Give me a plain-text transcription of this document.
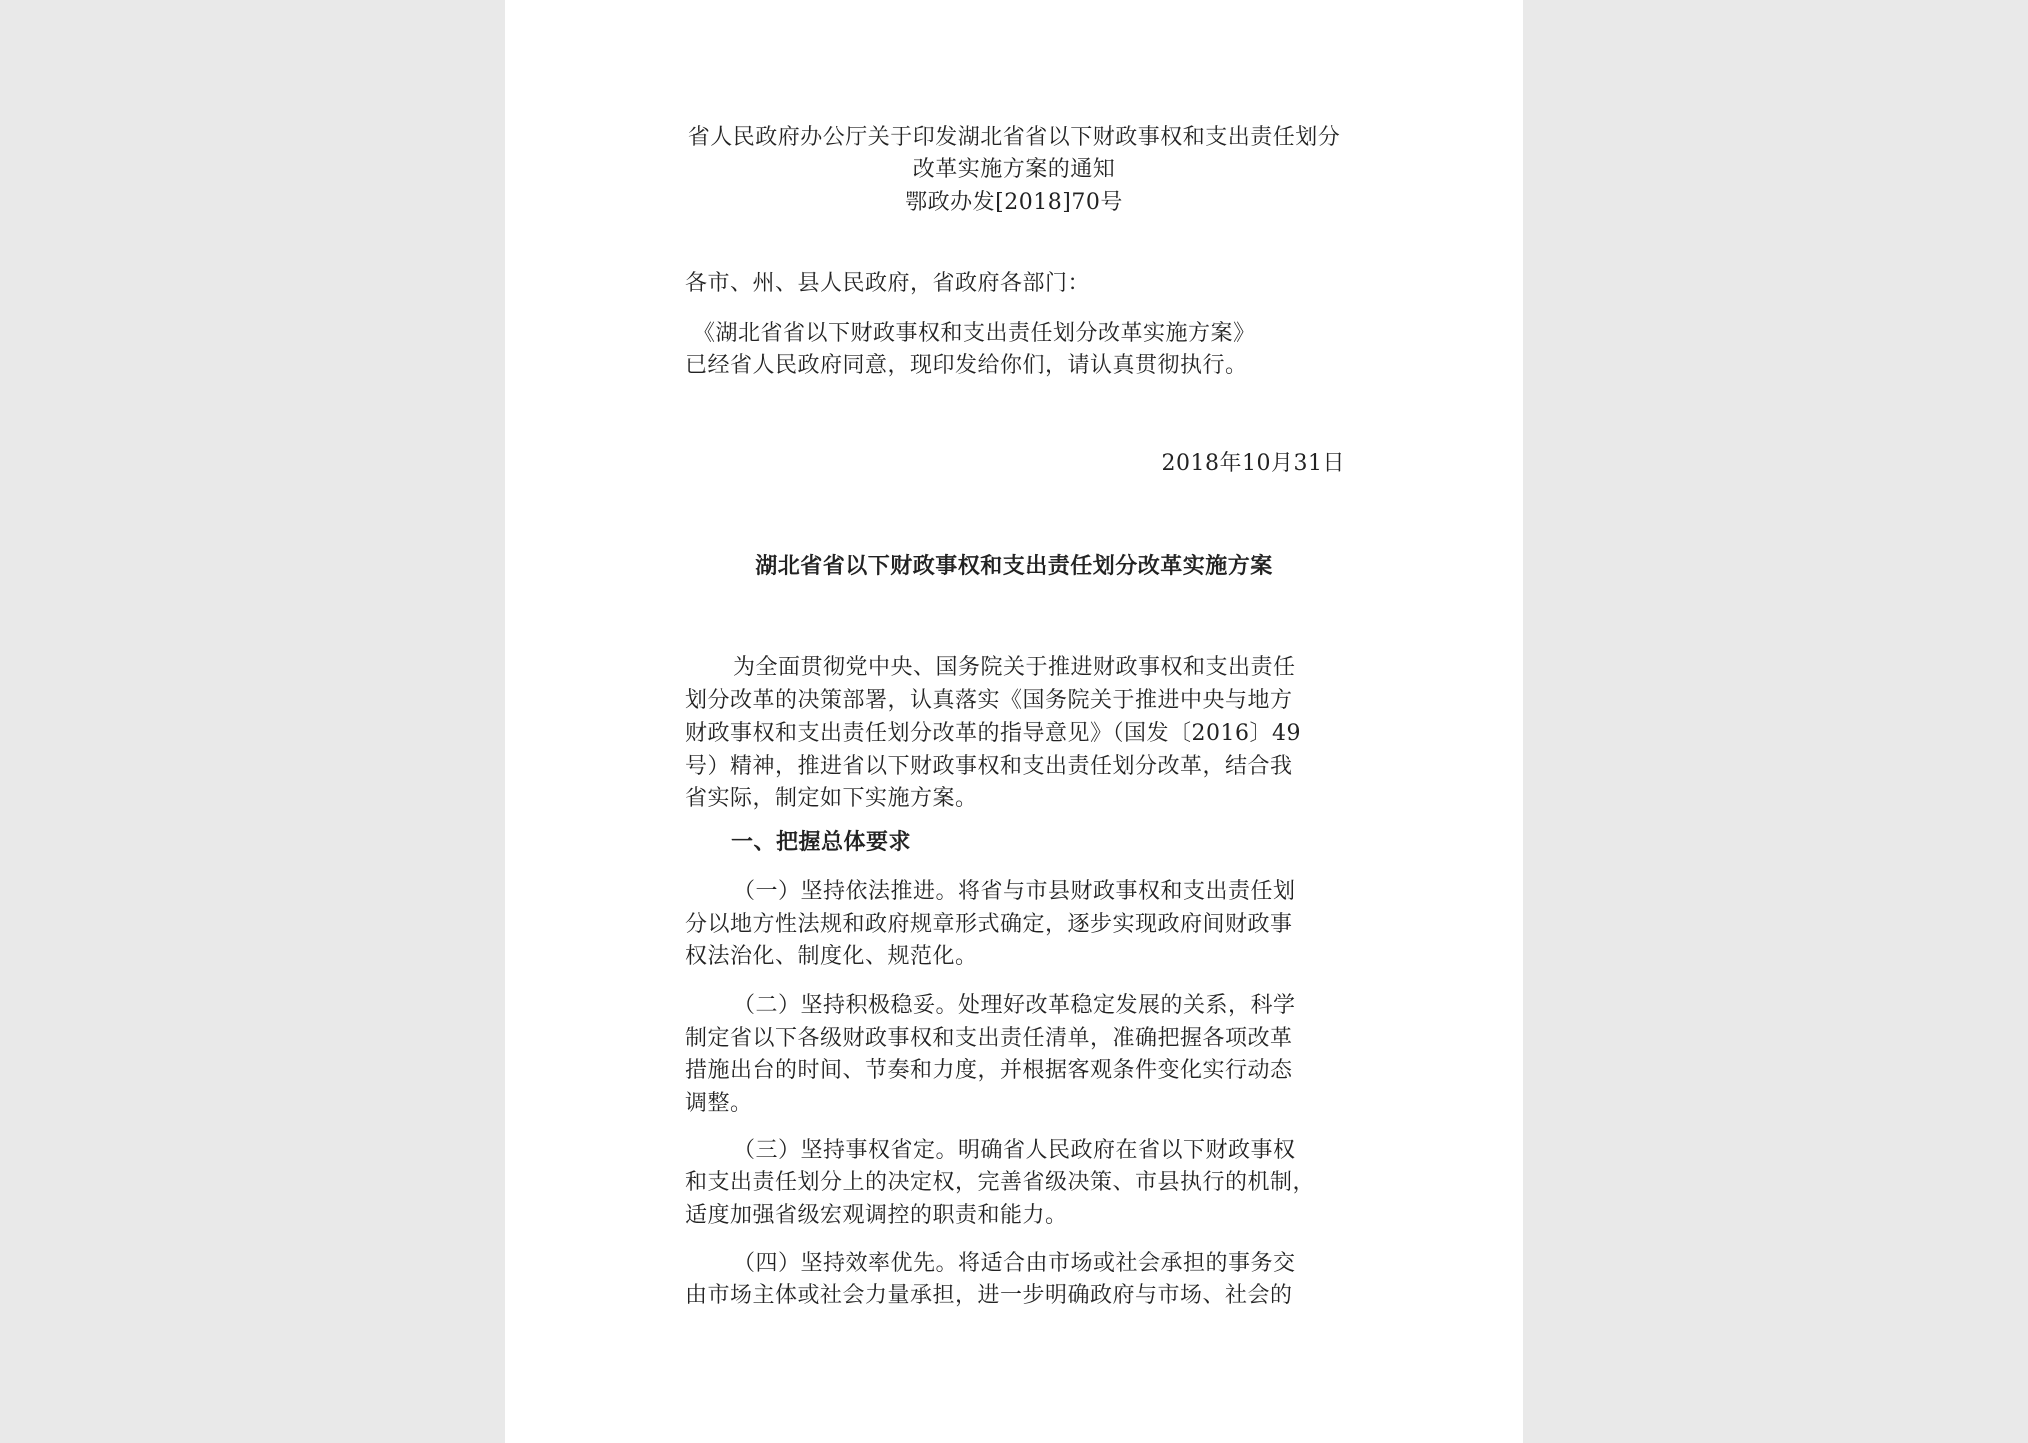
省人民政府办公厅关于印发湖北省省以下财政事权和支出责任划分
改革实施方案的通知
鄂政办发[2018]70号
各市、州、县人民政府，省政府各部门：
《湖北省省以下财政事权和支出责任划分改革实施方案》
已经省人民政府同意，现印发给你们，请认真贯彻执行。
2018年10月31日
湖北省省以下财政事权和支出责任划分改革实施方案
为全面贯彻党中央、国务院关于推进财政事权和支出责任
划分改革的决策部署，认真落实《国务院关于推进中央与地方
财政事权和支出责任划分改革的指导意见》（国发〔2016〕49
号）精神，推进省以下财政事权和支出责任划分改革，结合我
省实际，制定如下实施方案。
一、把握总体要求
（一）坚持依法推进。将省与市县财政事权和支出责任划
分以地方性法规和政府规章形式确定，逐步实现政府间财政事
权法治化、制度化、规范化。
（二）坚持积极稳妥。处理好改革稳定发展的关系，科学
制定省以下各级财政事权和支出责任清单，准确把握各项改革
措施出台的时间、节奏和力度，并根据客观条件变化实行动态
调整。
（三）坚持事权省定。明确省人民政府在省以下财政事权
和支出责任划分上的决定权，完善省级决策、市县执行的机制，
适度加强省级宏观调控的职责和能力。
（四）坚持效率优先。将适合由市场或社会承担的事务交
由市场主体或社会力量承担，进一步明确政府与市场、社会的
